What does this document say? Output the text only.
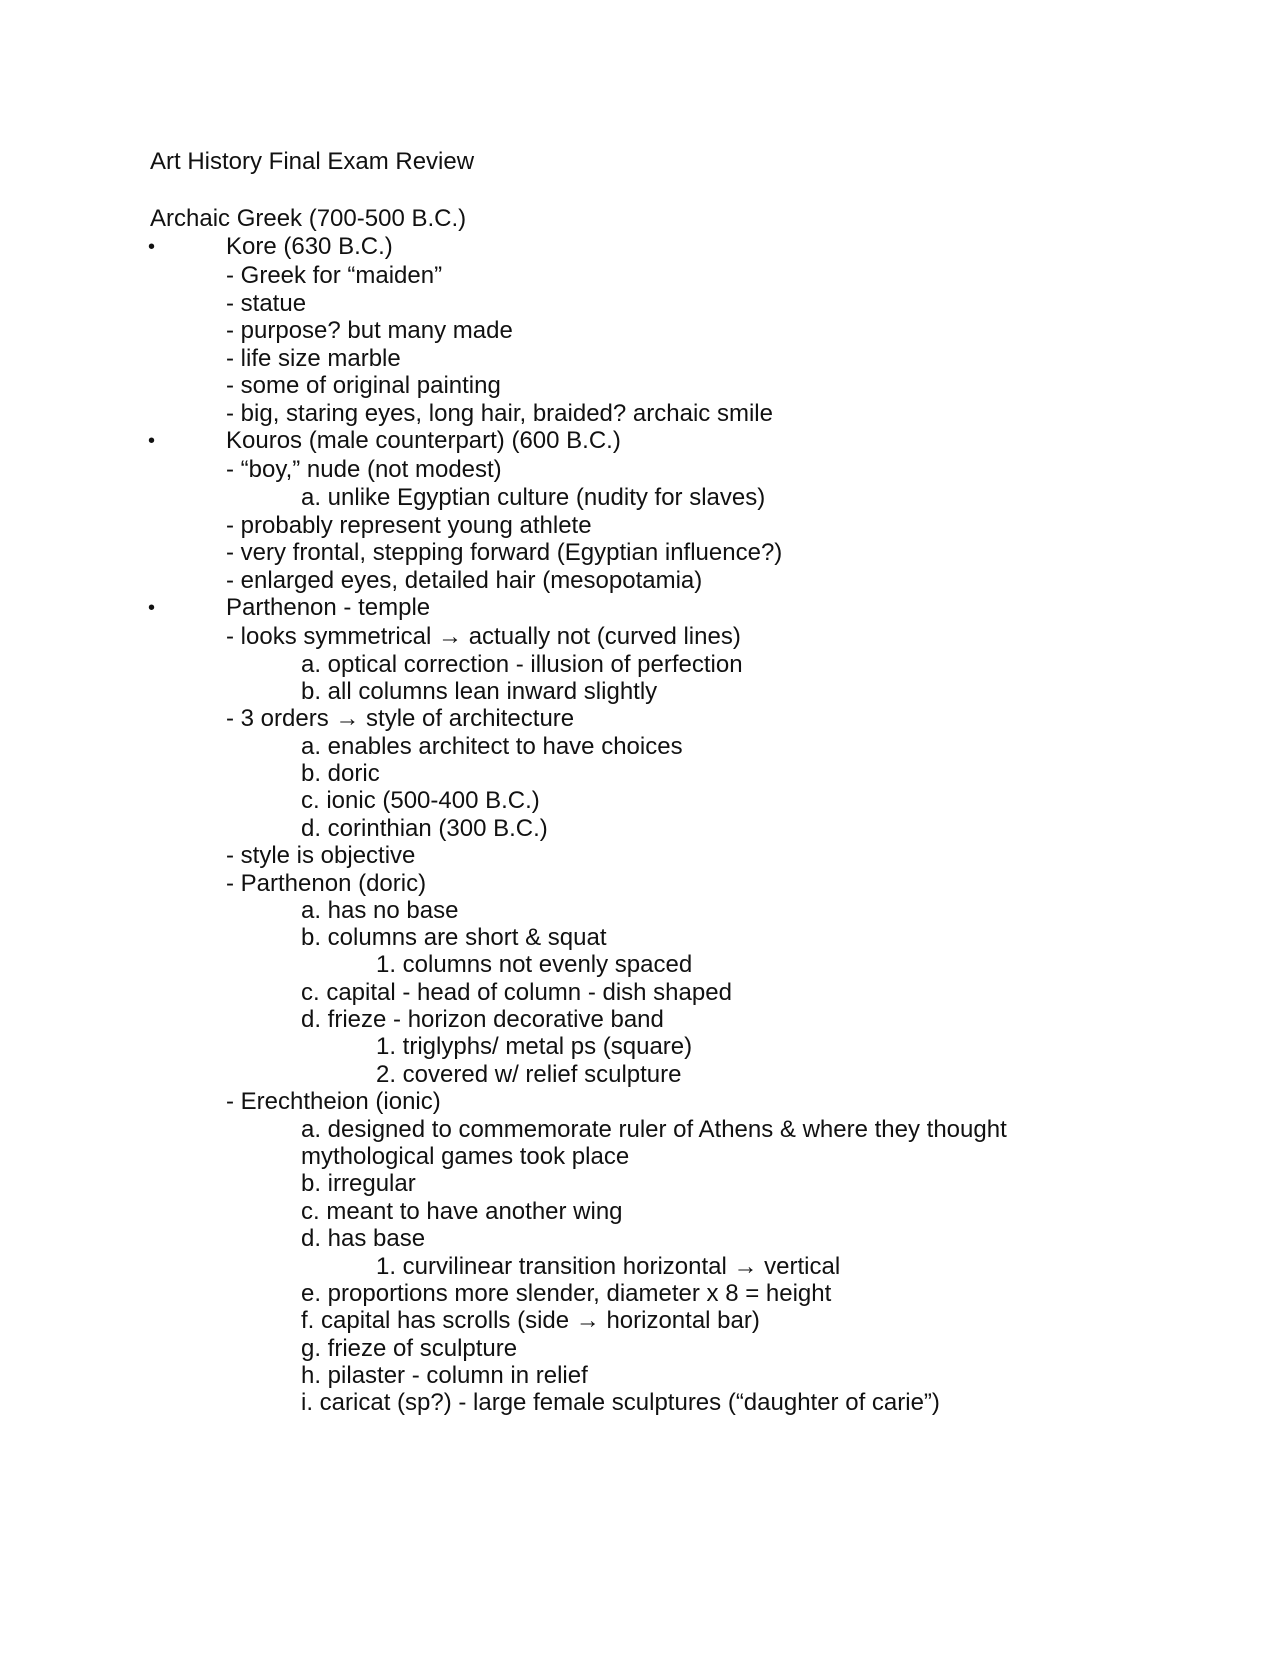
Art History Final Exam Review
Archaic Greek (700-500 B.C.)
•	Kore (630 B.C.)
- Greek for “maiden”
- statue
- purpose? but many made
- life size marble
- some of original painting
- big, staring eyes, long hair, braided? archaic smile
•	Kouros (male counterpart) (600 B.C.)
- “boy,” nude (not modest)
a. unlike Egyptian culture (nudity for slaves)
- probably represent young athlete
- very frontal, stepping forward (Egyptian influence?)
- enlarged eyes, detailed hair (mesopotamia)
•	Parthenon - temple
- looks symmetrical → actually not (curved lines)
a. optical correction - illusion of perfection
b. all columns lean inward slightly
- 3 orders → style of architecture
a. enables architect to have choices
b. doric
c. ionic (500-400 B.C.)
d. corinthian (300 B.C.)
- style is objective
- Parthenon (doric)
a. has no base
b. columns are short & squat
1. columns not evenly spaced
c. capital - head of column - dish shaped
d. frieze - horizon decorative band
1. triglyphs/ metal ps (square)
2. covered w/ relief sculpture
- Erechtheion (ionic)
a. designed to commemorate ruler of Athens & where they thought
mythological games took place
b. irregular
c. meant to have another wing
d. has base
1. curvilinear transition horizontal → vertical
e. proportions more slender, diameter x 8 = height
f. capital has scrolls (side → horizontal bar)
g. frieze of sculpture
h. pilaster - column in relief
i. caricat (sp?) - large female sculptures (“daughter of carie”)
